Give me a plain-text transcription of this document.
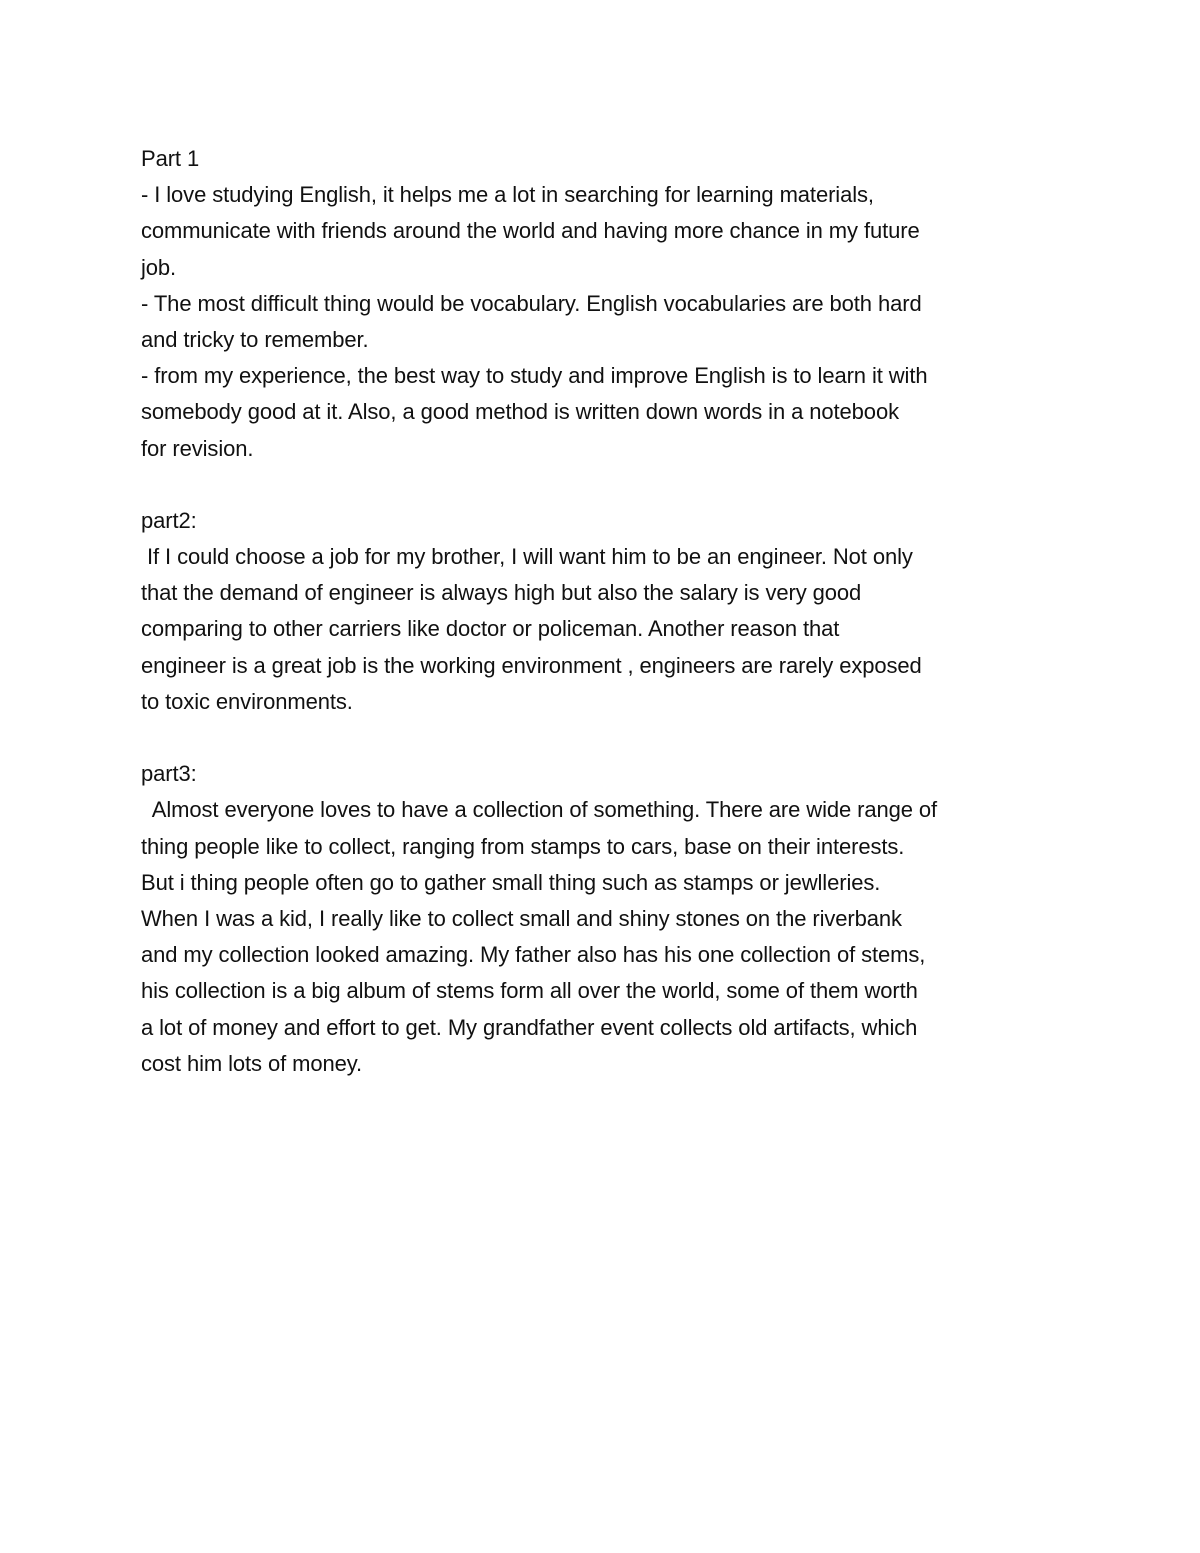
Part 1
- I love studying English, it helps me a lot in searching for learning materials,
communicate with friends around the world and having more chance in my future
job.
- The most difficult thing would be vocabulary. English vocabularies are both hard
and tricky to remember.
- from my experience, the best way to study and improve English is to learn it with
somebody good at it. Also, a good method is written down words in a notebook
for revision.
part2:
If I could choose a job for my brother, I will want him to be an engineer. Not only
that the demand of engineer is always high but also the salary is very good
comparing to other carriers like doctor or policeman. Another reason that
engineer is a great job is the working environment , engineers are rarely exposed
to toxic environments.
part3:
Almost everyone loves to have a collection of something. There are wide range of
thing people like to collect, ranging from stamps to cars, base on their interests.
But i thing people often go to gather small thing such as stamps or jewlleries.
When I was a kid, I really like to collect small and shiny stones on the riverbank
and my collection looked amazing. My father also has his one collection of stems,
his collection is a big album of stems form all over the world, some of them worth
a lot of money and effort to get. My grandfather event collects old artifacts, which
cost him lots of money.
